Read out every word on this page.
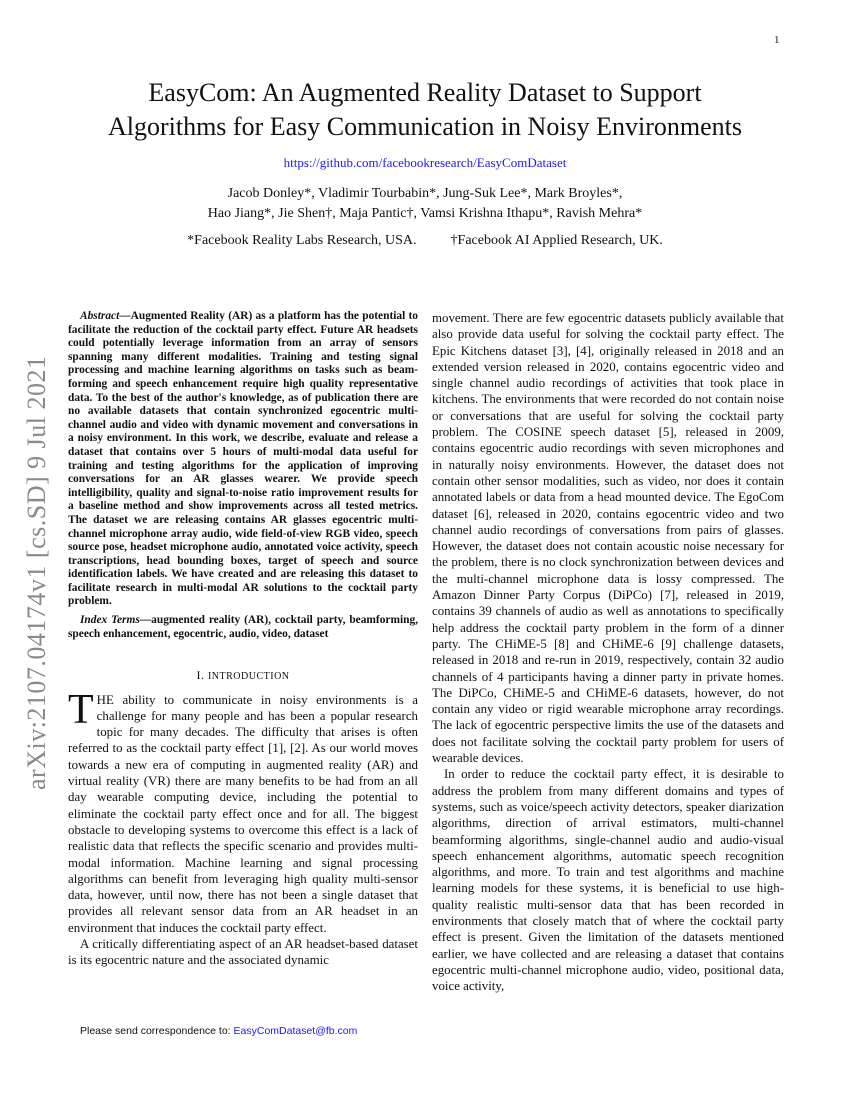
1
arXiv:2107.04174v1 [cs.SD] 9 Jul 2021
EasyCom: An Augmented Reality Dataset to Support
Algorithms for Easy Communication in Noisy Environments
https://github.com/facebookresearch/EasyComDataset
Jacob Donley*, Vladimir Tourbabin*, Jung-Suk Lee*, Mark Broyles*,
Hao Jiang*, Jie Shen†, Maja Pantic†, Vamsi Krishna Ithapu*, Ravish Mehra*
*Facebook Reality Labs Research, USA. †Facebook AI Applied Research, UK.

Abstract—Augmented Reality (AR) as a platform has the potential to facilitate the reduction of the cocktail party effect. Future AR headsets could potentially leverage information from an array of sensors spanning many different modalities. Training and testing signal processing and machine learning algorithms on tasks such as beam-forming and speech enhancement require high quality representative data. To the best of the author's knowledge, as of publication there are no available datasets that contain synchronized egocentric multi-channel audio and video with dynamic movement and conversations in a noisy environment. In this work, we describe, evaluate and release a dataset that contains over 5 hours of multi-modal data useful for training and testing algorithms for the application of improving conversations for an AR glasses wearer. We provide speech intelligibility, quality and signal-to-noise ratio improvement results for a baseline method and show improvements across all tested metrics. The dataset we are releasing contains AR glasses egocentric multi-channel microphone array audio, wide field-of-view RGB video, speech source pose, headset microphone audio, annotated voice activity, speech transcriptions, head bounding boxes, target of speech and source identification labels. We have created and are releasing this dataset to facilitate research in multi-modal AR solutions to the cocktail party problem.

Index Terms—augmented reality (AR), cocktail party, beamforming, speech enhancement, egocentric, audio, video, dataset

I. INTRODUCTION

THE ability to communicate in noisy environments is a challenge for many people and has been a popular research topic for many decades. The difficulty that arises is often referred to as the cocktail party effect [1], [2]. As our world moves towards a new era of computing in augmented reality (AR) and virtual reality (VR) there are many benefits to be had from an all day wearable computing device, including the potential to eliminate the cocktail party effect once and for all. The biggest obstacle to developing systems to overcome this effect is a lack of realistic data that reflects the specific scenario and provides multi-modal information. Machine learning and signal processing algorithms can benefit from leveraging high quality multi-sensor data, however, until now, there has not been a single dataset that provides all relevant sensor data from an AR headset in an environment that induces the cocktail party effect.

A critically differentiating aspect of an AR headset-based dataset is its egocentric nature and the associated dynamic

movement. There are few egocentric datasets publicly available that also provide data useful for solving the cocktail party effect. The Epic Kitchens dataset [3], [4], originally released in 2018 and an extended version released in 2020, contains egocentric video and single channel audio recordings of activities that took place in kitchens. The environments that were recorded do not contain noise or conversations that are useful for solving the cocktail party problem. The COSINE speech dataset [5], released in 2009, contains egocentric audio recordings with seven microphones and in naturally noisy environments. However, the dataset does not contain other sensor modalities, such as video, nor does it contain annotated labels or data from a head mounted device. The EgoCom dataset [6], released in 2020, contains egocentric video and two channel audio recordings of conversations from pairs of glasses. However, the dataset does not contain acoustic noise necessary for the problem, there is no clock synchronization between devices and the multi-channel microphone data is lossy compressed. The Amazon Dinner Party Corpus (DiPCo) [7], released in 2019, contains 39 channels of audio as well as annotations to specifically help address the cocktail party problem in the form of a dinner party. The CHiME-5 [8] and CHiME-6 [9] challenge datasets, released in 2018 and re-run in 2019, respectively, contain 32 audio channels of 4 participants having a dinner party in private homes. The DiPCo, CHiME-5 and CHiME-6 datasets, however, do not contain any video or rigid wearable microphone array recordings. The lack of egocentric perspective limits the use of the datasets and does not facilitate solving the cocktail party problem for users of wearable devices.

In order to reduce the cocktail party effect, it is desirable to address the problem from many different domains and types of systems, such as voice/speech activity detectors, speaker diarization algorithms, direction of arrival estimators, multi-channel beamforming algorithms, single-channel audio and audio-visual speech enhancement algorithms, automatic speech recognition algorithms, and more. To train and test algorithms and machine learning models for these systems, it is beneficial to use high-quality realistic multi-sensor data that has been recorded in environments that closely match that of where the cocktail party effect is present. Given the limitation of the datasets mentioned earlier, we have collected and are releasing a dataset that contains egocentric multi-channel microphone audio, video, positional data, voice activity,

Please send correspondence to: EasyComDataset@fb.com
